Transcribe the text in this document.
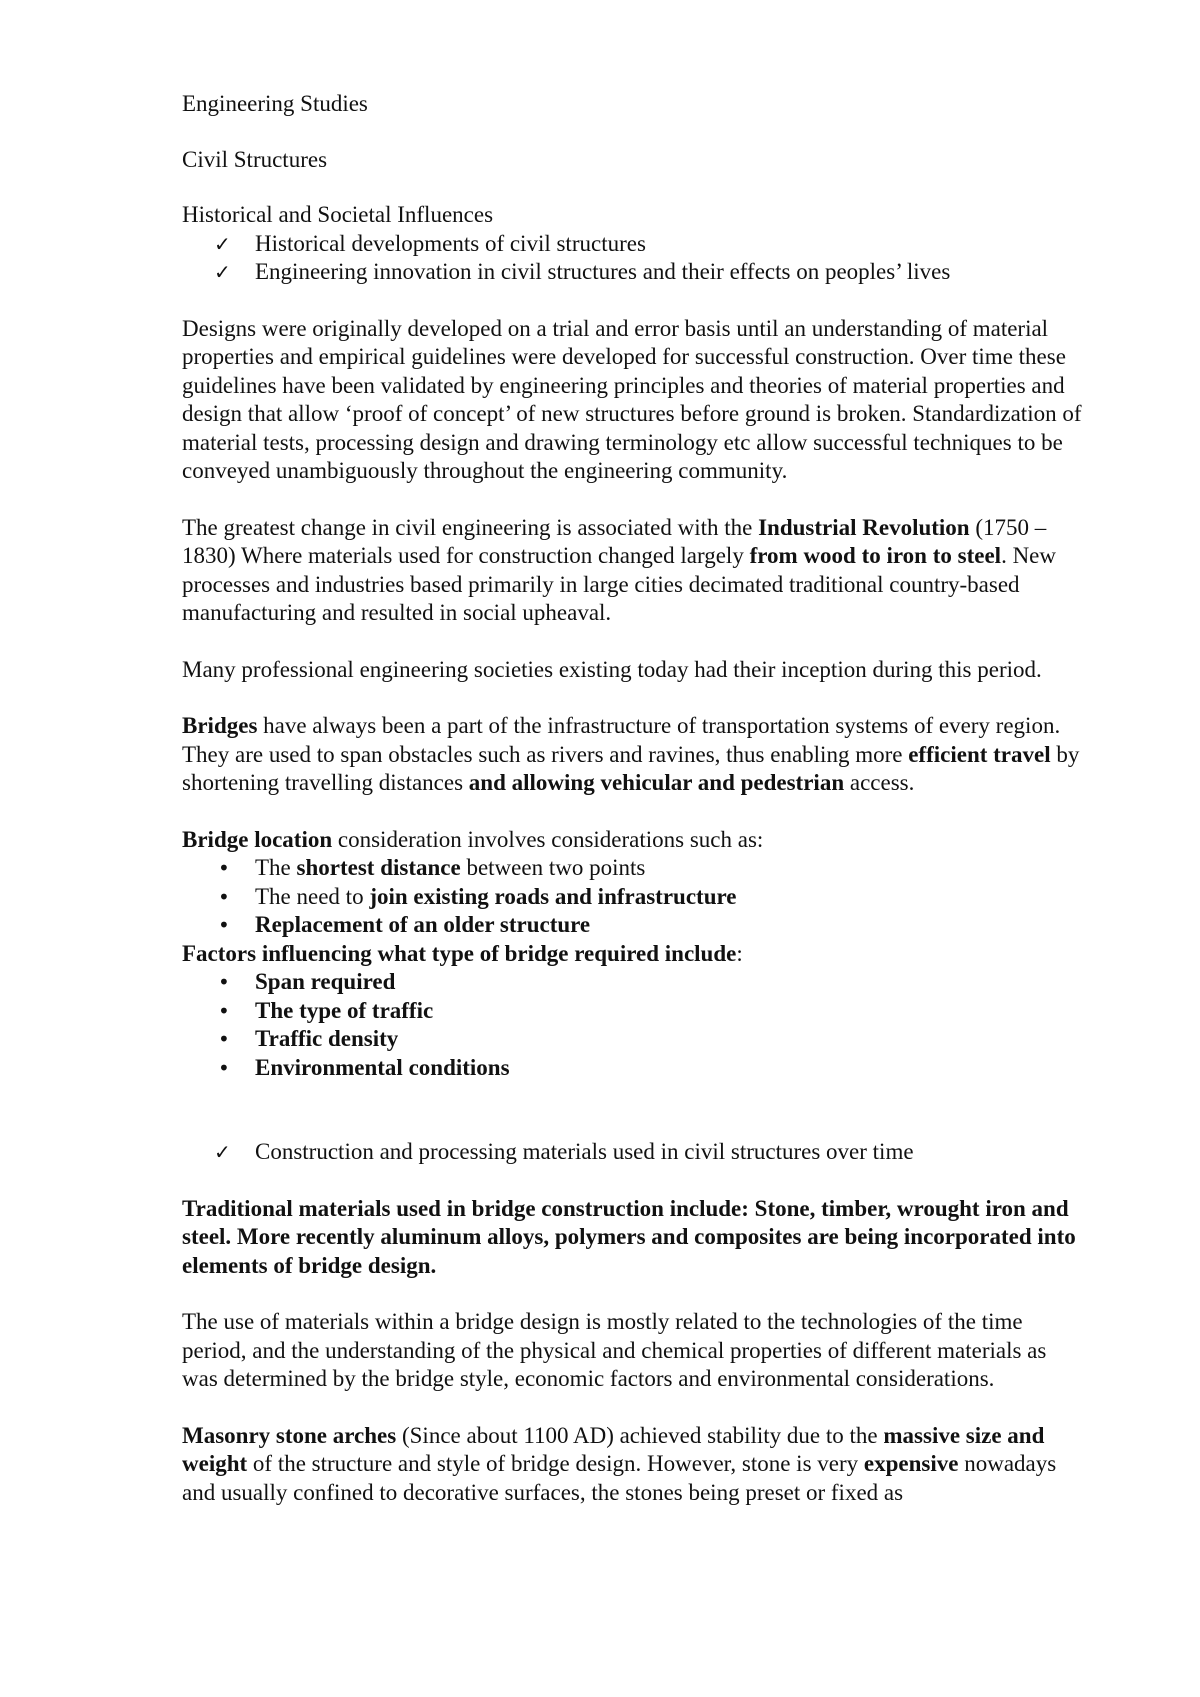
Engineering Studies

Civil Structures

Historical and Societal Influences

✓ Historical developments of civil structures
✓ Engineering innovation in civil structures and their effects on peoples’ lives

Designs were originally developed on a trial and error basis until an understanding of material properties and empirical guidelines were developed for successful construction. Over time these guidelines have been validated by engineering principles and theories of material properties and design that allow ‘proof of concept’ of new structures before ground is broken. Standardization of material tests, processing design and drawing terminology etc allow successful techniques to be conveyed unambiguously throughout the engineering community.

The greatest change in civil engineering is associated with the Industrial Revolution (1750 – 1830) Where materials used for construction changed largely from wood to iron to steel. New processes and industries based primarily in large cities decimated traditional country-based manufacturing and resulted in social upheaval.

Many professional engineering societies existing today had their inception during this period.

Bridges have always been a part of the infrastructure of transportation systems of every region. They are used to span obstacles such as rivers and ravines, thus enabling more efficient travel by shortening travelling distances and allowing vehicular and pedestrian access.

Bridge location consideration involves considerations such as:

• The shortest distance between two points
• The need to join existing roads and infrastructure
• Replacement of an older structure

Factors influencing what type of bridge required include:

• Span required
• The type of traffic
• Traffic density
• Environmental conditions
✓ Construction and processing materials used in civil structures over time

Traditional materials used in bridge construction include: Stone, timber, wrought iron and steel. More recently aluminum alloys, polymers and composites are being incorporated into elements of bridge design.

The use of materials within a bridge design is mostly related to the technologies of the time period, and the understanding of the physical and chemical properties of different materials as was determined by the bridge style, economic factors and environmental considerations.

Masonry stone arches (Since about 1100 AD) achieved stability due to the massive size and weight of the structure and style of bridge design. However, stone is very expensive nowadays and usually confined to decorative surfaces, the stones being preset or fixed as
